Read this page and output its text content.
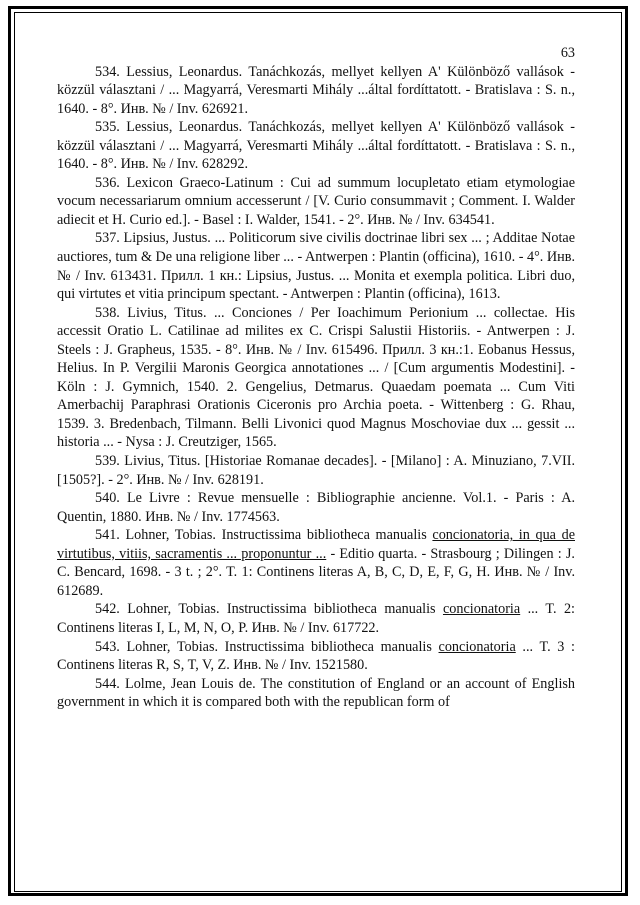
63

534. Lessius, Leonardus. Tanáchkozás, mellyet kellyen A' Különböző vallások - közzül választani / ... Magyarrá, Veresmarti Mihály ...által fordíttatott. - Bratislava : S. n., 1640. - 8°. Инв. № / Inv. 626921.

535. Lessius, Leonardus. Tanáchkozás, mellyet kellyen A' Különböző vallások - közzül választani / ... Magyarrá, Veresmarti Mihály ...által fordíttatott. - Bratislava : S. n., 1640. - 8°. Инв. № / Inv. 628292.

536. Lexicon Graeco-Latinum : Cui ad summum locupletato etiam etymologiae vocum necessariarum omnium accesserunt / [V. Curio consummavit ; Comment. I. Walder adiecit et H. Curio ed.]. - Basel : I. Walder, 1541. - 2°. Инв. № / Inv. 634541.

537. Lipsius, Justus. ... Politicorum sive civilis doctrinae libri sex ... ; Additae Notae auctiores, tum & De una religione liber ... - Antwerpen : Plantin (officina), 1610. - 4°. Инв. № / Inv. 613431. Прилл. 1 кн.: Lipsius, Justus. ... Monita et exempla politica. Libri duo, qui virtutes et vitia principum spectant. - Antwerpen : Plantin (officina), 1613.

538. Livius, Titus. ... Conciones / Per Ioachimum Perionium ... collectae. His accessit Oratio L. Catilinae ad milites ex C. Crispi Salustii Historiis. - Antwerpen : J. Steels : J. Grapheus, 1535. - 8°. Инв. № / Inv. 615496. Прилл. 3 кн.:1. Eobanus Hessus, Helius. In P. Vergilii Maronis Georgica annotationes ... / [Cum argumentis Modestini]. - Köln : J. Gymnich, 1540. 2. Gengelius, Detmarus. Quaedam poemata ... Cum Viti Amerbachij Paraphrasi Orationis Ciceronis pro Archia poeta. - Wittenberg : G. Rhau, 1539. 3. Bredenbach, Tilmann. Belli Livonici quod Magnus Moschoviae dux ... gessit ... historia ... - Nysa : J. Creutziger, 1565.

539. Livius, Titus. [Historiae Romanae decades]. - [Milano] : A. Minuziano, 7.VII.[1505?]. - 2°. Инв. № / Inv. 628191.

540. Le Livre : Revue mensuelle : Bibliographie ancienne. Vol.1. - Paris : A. Quentin, 1880. Инв. № / Inv. 1774563.

541. Lohner, Tobias. Instructissima bibliotheca manualis concionatoria, in qua de virtutibus, vitiis, sacramentis ... proponuntur ... - Editio quarta. - Strasbourg ; Dilingen : J. C. Bencard, 1698. - 3 t. ; 2°. T. 1: Continens literas A, B, C, D, E, F, G, H. Инв. № / Inv. 612689.

542. Lohner, Tobias. Instructissima bibliotheca manualis concionatoria ... T. 2: Continens literas I, L, M, N, O, P. Инв. № / Inv. 617722.

543. Lohner, Tobias. Instructissima bibliotheca manualis concionatoria ... T. 3 : Continens literas R, S, T, V, Z. Инв. № / Inv. 1521580.

544. Lolme, Jean Louis de. The constitution of England or an account of English government in which it is compared both with the republican form of
